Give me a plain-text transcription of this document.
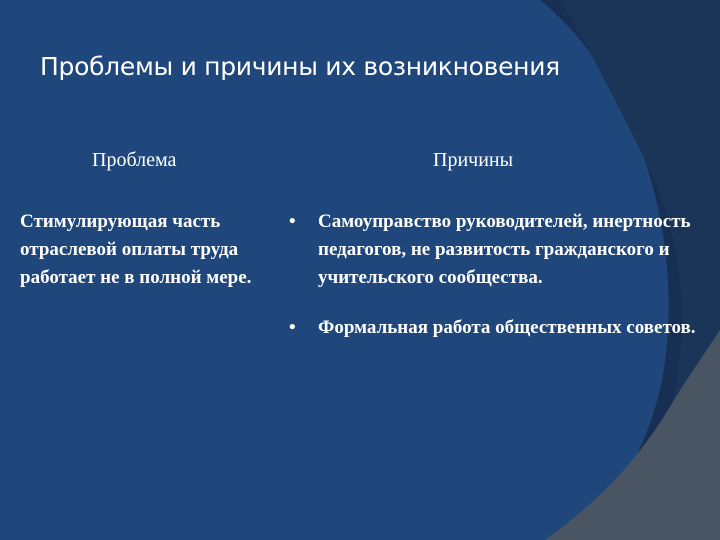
Проблемы и причины их возникновения
Проблема	Причины
Стимулирующая часть отраслевой оплаты труда работает не в полной мере.
• Самоуправство руководителей, инертность педагогов, не развитость гражданского и учительского сообщества.
• Формальная работа общественных советов.
